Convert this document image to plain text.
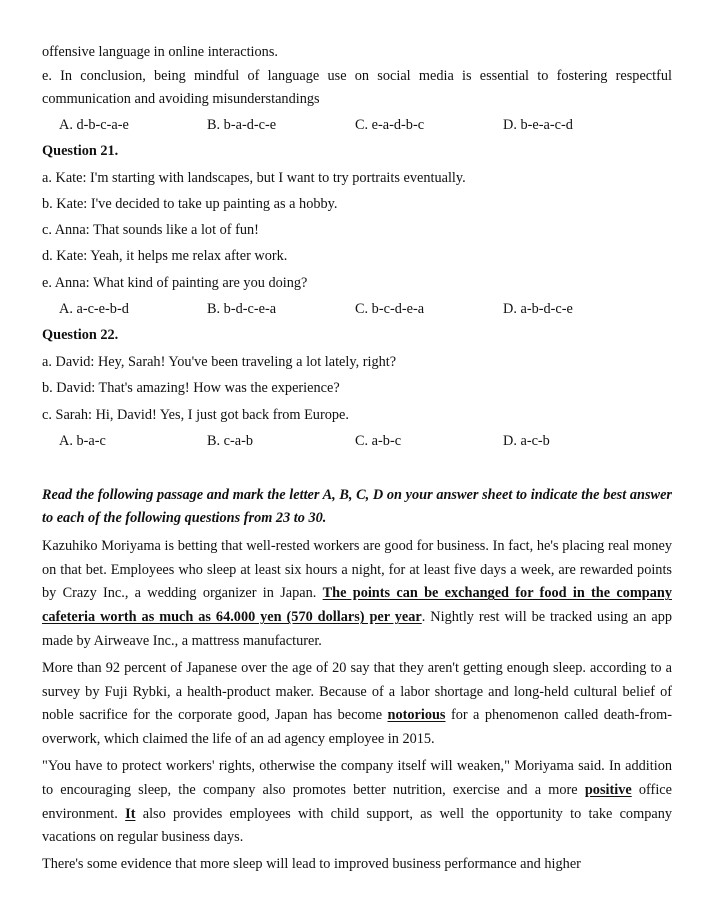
offensive language in online interactions.

e. In conclusion, being mindful of language use on social media is essential to fostering respectful communication and avoiding misunderstandings

A. d-b-c-a-e	B. b-a-d-c-e	C. e-a-d-b-c	D. b-e-a-c-d

Question 21.

a. Kate: I'm starting with landscapes, but I want to try portraits eventually.

b. Kate: I've decided to take up painting as a hobby.

c. Anna: That sounds like a lot of fun!

d. Kate: Yeah, it helps me relax after work.

e. Anna: What kind of painting are you doing?

A. a-c-e-b-d	B. b-d-c-e-a	C. b-c-d-e-a	D. a-b-d-c-e

Question 22.

a. David: Hey, Sarah! You've been traveling a lot lately, right?

b. David: That's amazing! How was the experience?

c. Sarah: Hi, David! Yes, I just got back from Europe.

A. b-a-c	B. c-a-b	C. a-b-c	D. a-c-b

Read the following passage and mark the letter A, B, C, D on your answer sheet to indicate the best answer to each of the following questions from 23 to 30.

Kazuhiko Moriyama is betting that well-rested workers are good for business. In fact, he's placing real money on that bet. Employees who sleep at least six hours a night, for at least five days a week, are rewarded points by Crazy Inc., a wedding organizer in Japan. The points can be exchanged for food in the company cafeteria worth as much as 64.000 yen (570 dollars) per year. Nightly rest will be tracked using an app made by Airweave Inc., a mattress manufacturer.

More than 92 percent of Japanese over the age of 20 say that they aren't getting enough sleep. according to a survey by Fuji Rybki, a health-product maker. Because of a labor shortage and long-held cultural belief of noble sacrifice for the corporate good, Japan has become notorious for a phenomenon called death-from-overwork, which claimed the life of an ad agency employee in 2015.

"You have to protect workers' rights, otherwise the company itself will weaken," Moriyama said. In addition to encouraging sleep, the company also promotes better nutrition, exercise and a more positive office environment. It also provides employees with child support, as well the opportunity to take company vacations on regular business days.

There's some evidence that more sleep will lead to improved business performance and higher
